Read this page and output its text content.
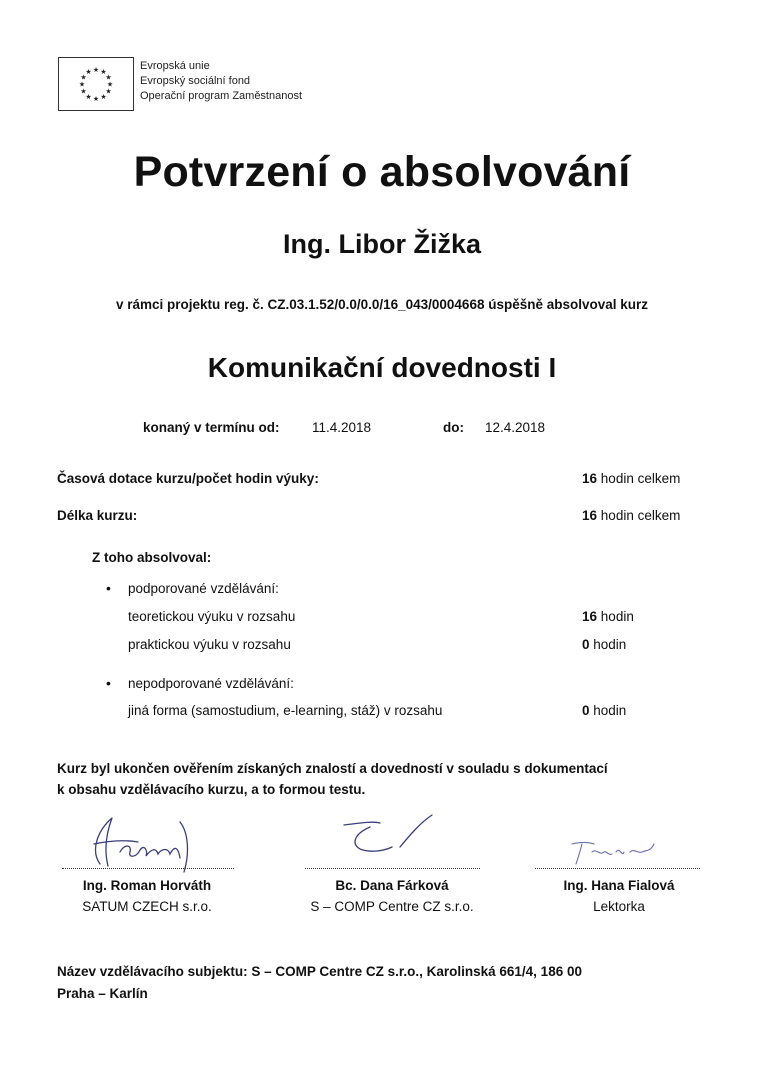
★ ★
★
★
★
★
★
★
★
★
★
★	Evropská unie
Evropský sociální fond
Operační program Zaměstnanost
Potvrzení o absolvování
Ing. Libor Žižka
v rámci projektu reg. č. CZ.03.1.52/0.0/0.0/16_043/0004668 úspěšně absolvoval kurz
Komunikační dovednosti I
konaný v termínu od: 11.4.2018	do: 12.4.2018
Časová dotace kurzu/počet hodin výuky:	16 hodin celkem
Délka kurzu:	16 hodin celkem
Z toho absolvoval:
• podporované vzdělávání:
teoretickou výuku v rozsahu	16 hodin
praktickou výuku v rozsahu	0 hodin
• nepodporované vzdělávání:
jiná forma (samostudium, e-learning, stáž) v rozsahu	0 hodin
Kurz byl ukončen ověřením získaných znalostí a dovedností v souladu s dokumentací
k obsahu vzdělávacího kurzu, a to formou testu.
Ing. Roman Horváth
SATUM CZECH s.r.o.
Bc. Dana Fárková
S – COMP Centre CZ s.r.o.
Ing. Hana Fialová
Lektorka
Název vzdělávacího subjektu: S – COMP Centre CZ s.r.o., Karolinská 661/4, 186 00
Praha – Karlín
